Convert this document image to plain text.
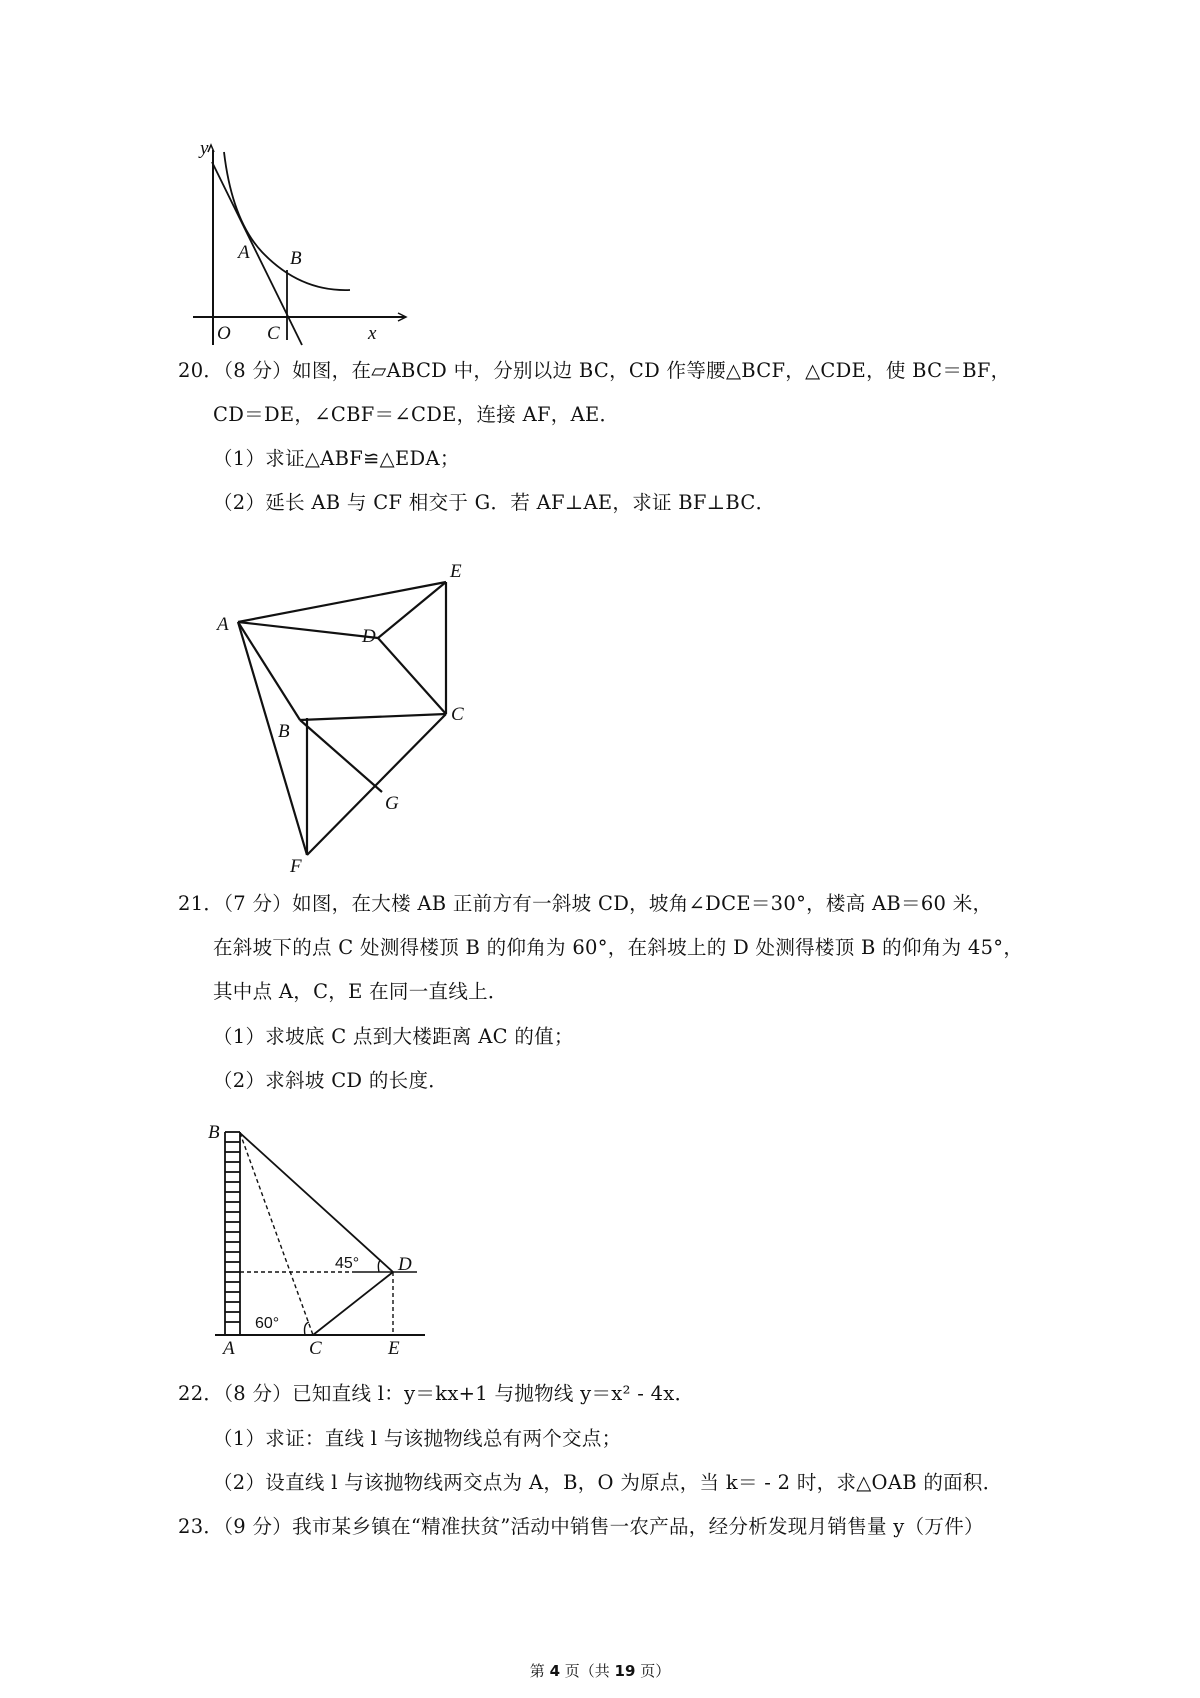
y
x
O C
A B
20．（8 分）如图，在▱ABCD 中，分别以边 BC，CD 作等腰△BCF，△CDE，使 BC＝BF，
CD＝DE，∠CBF＝∠CDE，连接 AF，AE．
（1）求证△ABF≌△EDA；
（2）延长 AB 与 CF 相交于 G．若 AF⊥AE，求证 BF⊥BC．
E
A
D
C
B
G
F
21．（7 分）如图，在大楼 AB 正前方有一斜坡 CD，坡角∠DCE＝30°，楼高 AB＝60 米，
在斜坡下的点 C 处测得楼顶 B 的仰角为 60°，在斜坡上的 D 处测得楼顶 B 的仰角为 45°，
其中点 A，C，E 在同一直线上．
（1）求坡底 C 点到大楼距离 AC 的值；
（2）求斜坡 CD 的长度．
45°
60°
B
D
A	C	E
22．（8 分）已知直线 l：y＝kx+1 与抛物线 y＝x² - 4x．
（1）求证：直线 l 与该抛物线总有两个交点；
（2）设直线 l 与该抛物线两交点为 A，B，O 为原点，当 k＝ - 2 时，求△OAB 的面积．
23．（9 分）我市某乡镇在“精准扶贫”活动中销售一农产品，经分析发现月销售量 y（万件）
第 4 页（共 19 页）
